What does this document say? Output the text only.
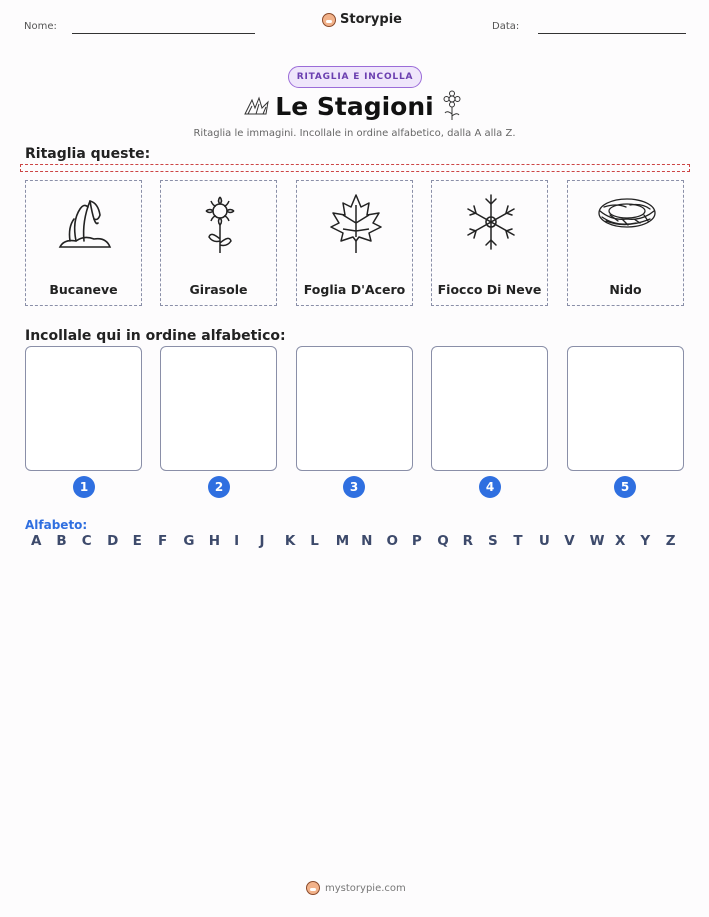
Nome:	Storypie	Data:
RITAGLIA E INCOLLA
Le Stagioni
Ritaglia le immagini. Incollale in ordine alfabetico, dalla A alla Z.
Ritaglia queste:
Bucaneve	Girasole	Foglia D'Acero	Fiocco Di Neve	Nido
Incollale qui in ordine alfabetico:
1	2	3	4	5
Alfabeto:
A	B	C	D	E	F	G	H	I	J	K	L	M N	O	P	Q	R	S	T	U	V	W X	Y	Z
mystorypie.com
